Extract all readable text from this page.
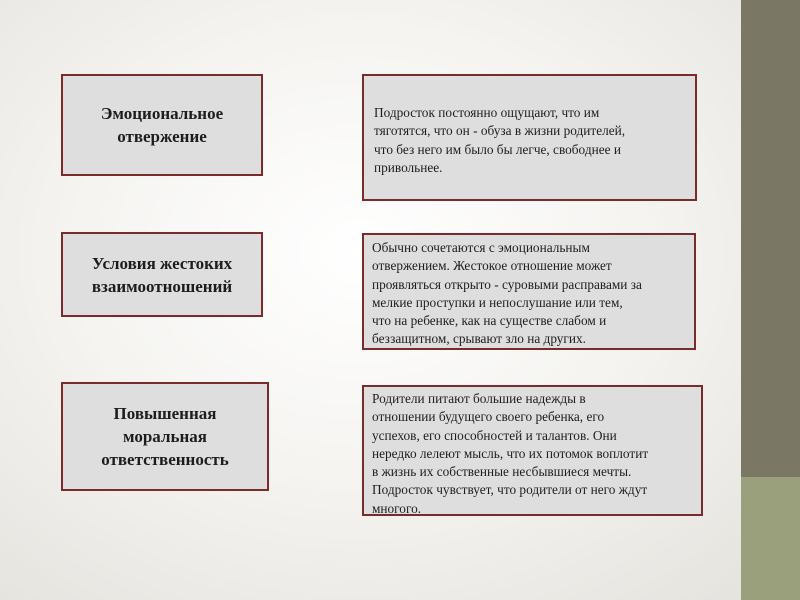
Эмоциональное
отвержение
Подросток постоянно ощущают, что им
тяготятся, что он - обуза в жизни родителей,
что без него им было бы легче, свободнее и
привольнее.
Условия жестоких
взаимоотношений
Обычно сочетаются с эмоциональным
отвержением. Жестокое отношение может
проявляться открыто - суровыми расправами за
мелкие проступки и непослушание или тем,
что на ребенке, как на существе слабом и
беззащитном, срывают зло на других.
Повышенная
моральная
ответственность
Родители питают большие надежды в
отношении будущего своего ребенка, его
успехов, его способностей и талантов. Они
нередко лелеют мысль, что их потомок воплотит
в жизнь их собственные несбывшиеся мечты.
Подросток чувствует, что родители от него ждут
многого.
